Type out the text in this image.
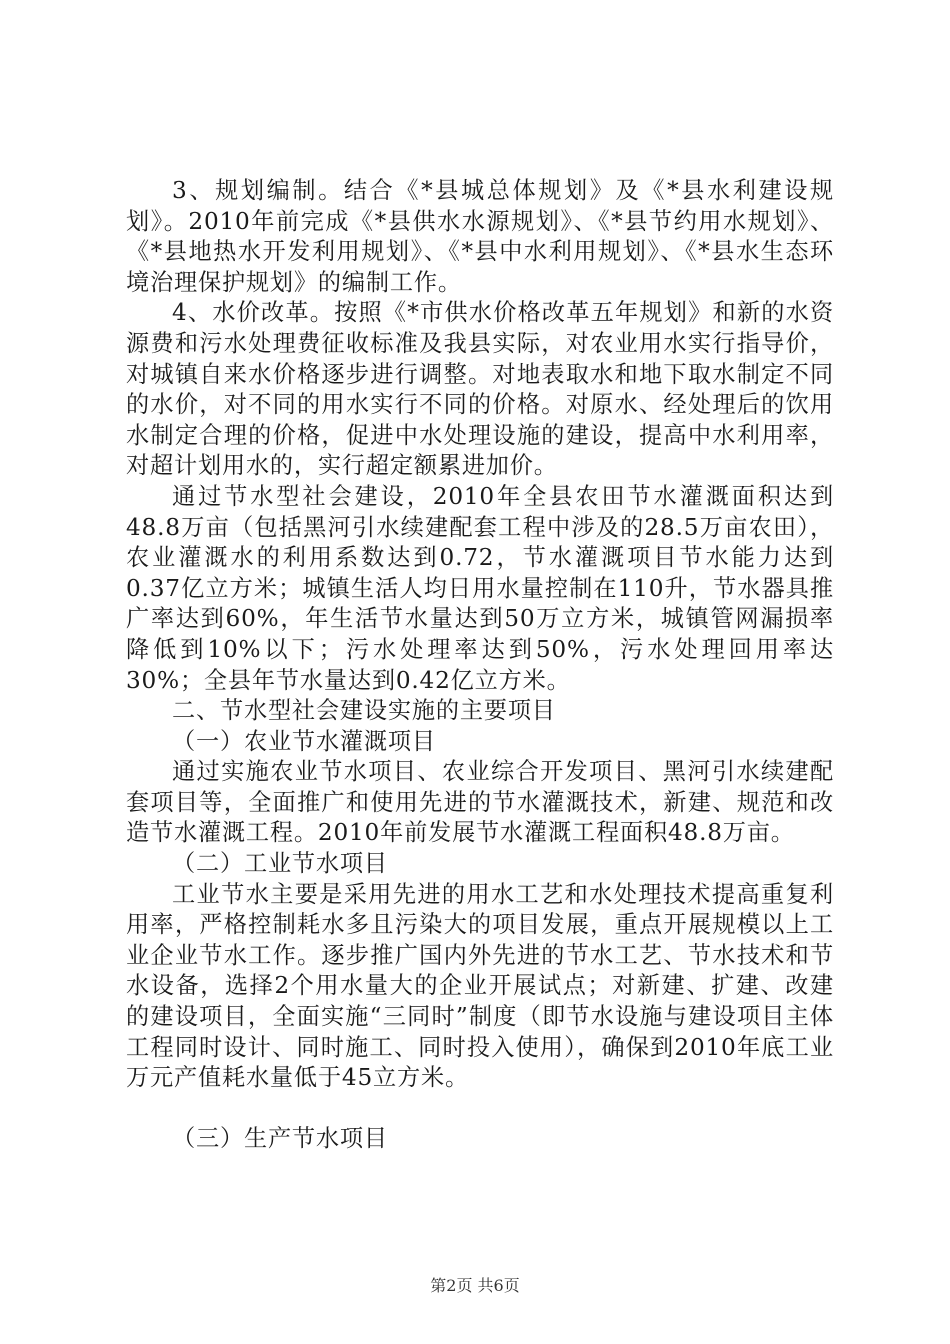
3、规划编制。结合《*县城总体规划》及《*县水利建设规划》。2010年前完成《*县供水水源规划》、《*县节约用水规划》、《*县地热水开发利用规划》、《*县中水利用规划》、《*县水生态环境治理保护规划》的编制工作。

4、水价改革。按照《*市供水价格改革五年规划》和新的水资源费和污水处理费征收标准及我县实际，对农业用水实行指导价，对城镇自来水价格逐步进行调整。对地表取水和地下取水制定不同的水价，对不同的用水实行不同的价格。对原水、经处理后的饮用水制定合理的价格，促进中水处理设施的建设，提高中水利用率，对超计划用水的，实行超定额累进加价。

通过节水型社会建设，2010年全县农田节水灌溉面积达到48.8万亩（包括黑河引水续建配套工程中涉及的28.5万亩农田），农业灌溉水的利用系数达到0.72，节水灌溉项目节水能力达到0.37亿立方米；城镇生活人均日用水量控制在110升，节水器具推广率达到60%，年生活节水量达到50万立方米，城镇管网漏损率降低到10%以下；污水处理率达到50%，污水处理回用率达30%；全县年节水量达到0.42亿立方米。

二、节水型社会建设实施的主要项目

（一）农业节水灌溉项目

通过实施农业节水项目、农业综合开发项目、黑河引水续建配套项目等，全面推广和使用先进的节水灌溉技术，新建、规范和改造节水灌溉工程。2010年前发展节水灌溉工程面积48.8万亩。

（二）工业节水项目

工业节水主要是采用先进的用水工艺和水处理技术提高重复利用率，严格控制耗水多且污染大的项目发展，重点开展规模以上工业企业节水工作。逐步推广国内外先进的节水工艺、节水技术和节水设备，选择2个用水量大的企业开展试点；对新建、扩建、改建的建设项目，全面实施“三同时”制度（即节水设施与建设项目主体工程同时设计、同时施工、同时投入使用），确保到2010年底工业万元产值耗水量低于45立方米。

（三）生产节水项目

第2页 共6页
